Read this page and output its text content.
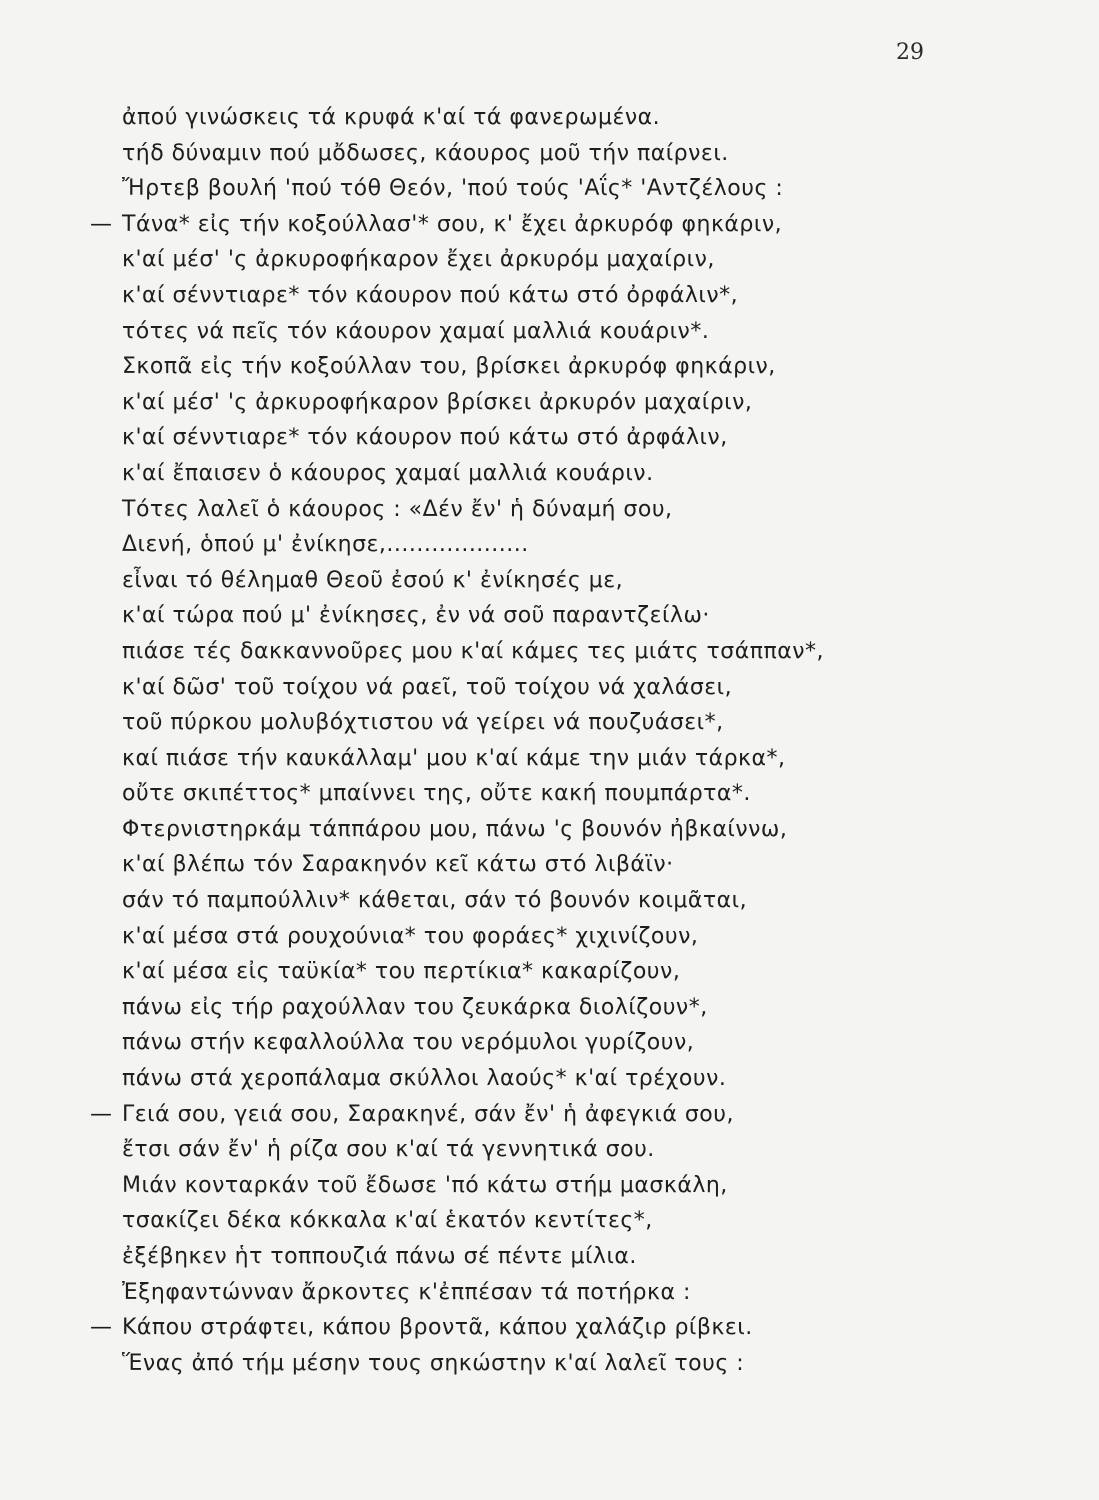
29
ἀπού γινώσκεις τά κρυφά κ'αί τά φανερωμένα.
τήδ δύναμιν πού μὄδωσες, κάουρος μοῦ τήν παίρνει.
Ἤρτεβ βουλή 'πού τόθ Θεόν, 'πού τούς 'Αΐς* 'Αντζέλους :
— Τάνα* εἰς τήν κοξούλλασ'* σου, κ' ἔχει ἀρκυρόφ φηκάριν,
κ'αί μέσ' 'ς ἀρκυροφήκαρον ἔχει ἀρκυρόμ μαχαίριν,
κ'αί σένντιαρε* τόν κάουρον πού κάτω στό ὀρφάλιν*,
τότες νά πεῖς τόν κάουρον χαμαί μαλλιά κουάριν*.
Σκοπᾶ εἰς τήν κοξούλλαν του, βρίσκει ἀρκυρόφ φηκάριν,
κ'αί μέσ' 'ς ἀρκυροφήκαρον βρίσκει ἀρκυρόν μαχαίριν,
κ'αί σένντιαρε* τόν κάουρον πού κάτω στό ἀρφάλιν,
κ'αί ἔπαισεν ὁ κάουρος χαμαί μαλλιά κουάριν.
Τότες λαλεῖ ὁ κάουρος : «Δέν ἔν' ἡ δύναμή σου,
Διενή, ὁπού μ' ἐνίκησε,...................
εἶναι τό θέλημαθ Θεοῦ ἐσού κ' ἐνίκησές με,
κ'αί τώρα πού μ' ἐνίκησες, ἐν νά σοῦ παραντζείλω·
πιάσε τές δακκαννοῦρες μου κ'αί κάμες τες μιάτς τσάππαν*,
κ'αί δῶσ' τοῦ τοίχου νά ραεῖ, τοῦ τοίχου νά χαλάσει,
τοῦ πύρκου μολυβόχτιστου νά γείρει νά πουζυάσει*,
καί πιάσε τήν καυκάλλαμ' μου κ'αί κάμε την μιάν τάρκα*,
οὔτε σκιπέττος* μπαίννει της, οὔτε κακή πουμπάρτα*.
Φτερνιστηρκάμ τάππάρου μου, πάνω 'ς βουνόν ἠβκαίννω,
κ'αί βλέπω τόν Σαρακηνόν κεῖ κάτω στό λιβάϊν·
σάν τό παμπούλλιν* κάθεται, σάν τό βουνόν κοιμᾶται,
κ'αί μέσα στά ρουχούνια* του φοράες* χιχινίζουν,
κ'αί μέσα εἰς ταϋκία* του περτίκια* κακαρίζουν,
πάνω εἰς τήρ ραχούλλαν του ζευκάρκα διολίζουν*,
πάνω στήν κεφαλλούλλα του νερόμυλοι γυρίζουν,
πάνω στά χεροπάλαμα σκύλλοι λαούς* κ'αί τρέχουν.
— Γειά σου, γειά σου, Σαρακηνέ, σάν ἔν' ἡ ἀφεγκιά σου,
ἔτσι σάν ἔν' ἡ ρίζα σου κ'αί τά γεννητικά σου.
Μιάν κονταρκάν τοῦ ἔδωσε 'πό κάτω στήμ μασκάλη,
τσακίζει δέκα κόκκαλα κ'αί ἑκατόν κεντίτες*,
ἐξέβηκεν ἡτ τοππουζιά πάνω σέ πέντε μίλια.
Ἐξηφαντώνναν ἄρκοντες κ'ἐππέσαν τά ποτήρκα :
— Κάπου στράφτει, κάπου βροντᾶ, κάπου χαλάζιρ ρίβκει.
Ἕνας ἀπό τήμ μέσην τους σηκώστην κ'αί λαλεῖ τους :
